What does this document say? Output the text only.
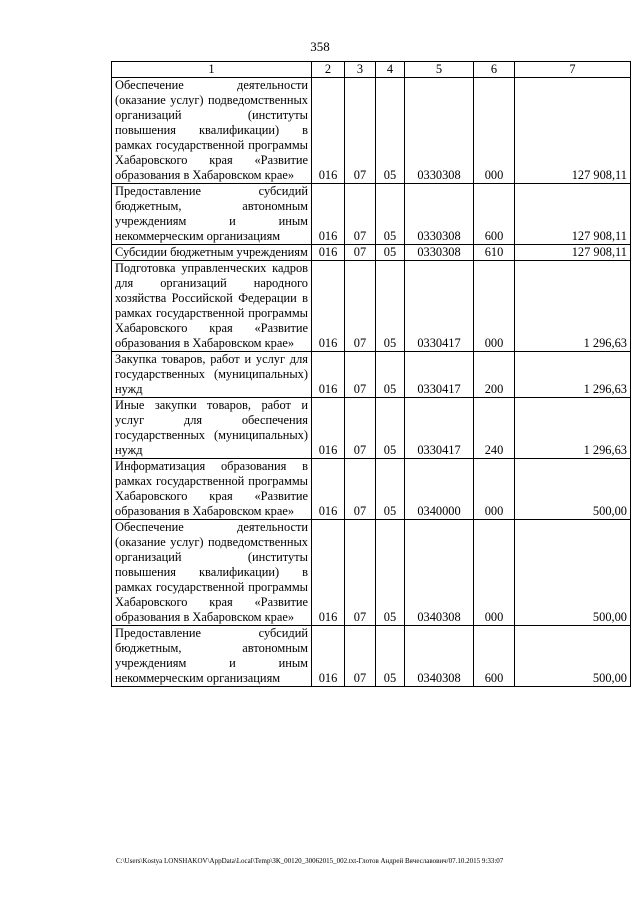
358
1	2	3	4	5	6	7
Обеспечение деятельности (оказание услуг) подведомственных организаций (институты повышения квалификации) в рамках государственной программы Хабаровского края «Развитие образования в Хабаровском крае»	016	07	05	0330308	000	127 908,11
Предоставление субсидий бюджетным, автономным учреждениям и иным некоммерческим организациям	016	07	05	0330308	600	127 908,11
Субсидии бюджетным учреждениям	016	07	05	0330308	610	127 908,11
Подготовка управленческих кадров для организаций народного хозяйства Российской Федерации в рамках государственной программы Хабаровского края «Развитие образования в Хабаровском крае»	016	07	05	0330417	000	1 296,63
Закупка товаров, работ и услуг для государственных (муниципальных) нужд	016	07	05	0330417	200	1 296,63
Иные закупки товаров, работ и услуг для обеспечения государственных (муниципальных) нужд	016	07	05	0330417	240	1 296,63
Информатизация образования в рамках государственной программы Хабаровского края «Развитие образования в Хабаровском крае»	016	07	05	0340000	000	500,00
Обеспечение деятельности (оказание услуг) подведомственных организаций (институты повышения квалификации) в рамках государственной программы Хабаровского края «Развитие образования в Хабаровском крае»	016	07	05	0340308	000	500,00
Предоставление субсидий бюджетным, автономным учреждениям и иным некоммерческим организациям	016	07	05	0340308	600	500,00
C:\Users\Kostya LONSHAKOV\AppData\Local\Temp\ЗК_00120_30062015_002.txt-Глотов Андрей Вячеславович/07.10.2015 9:33:07
